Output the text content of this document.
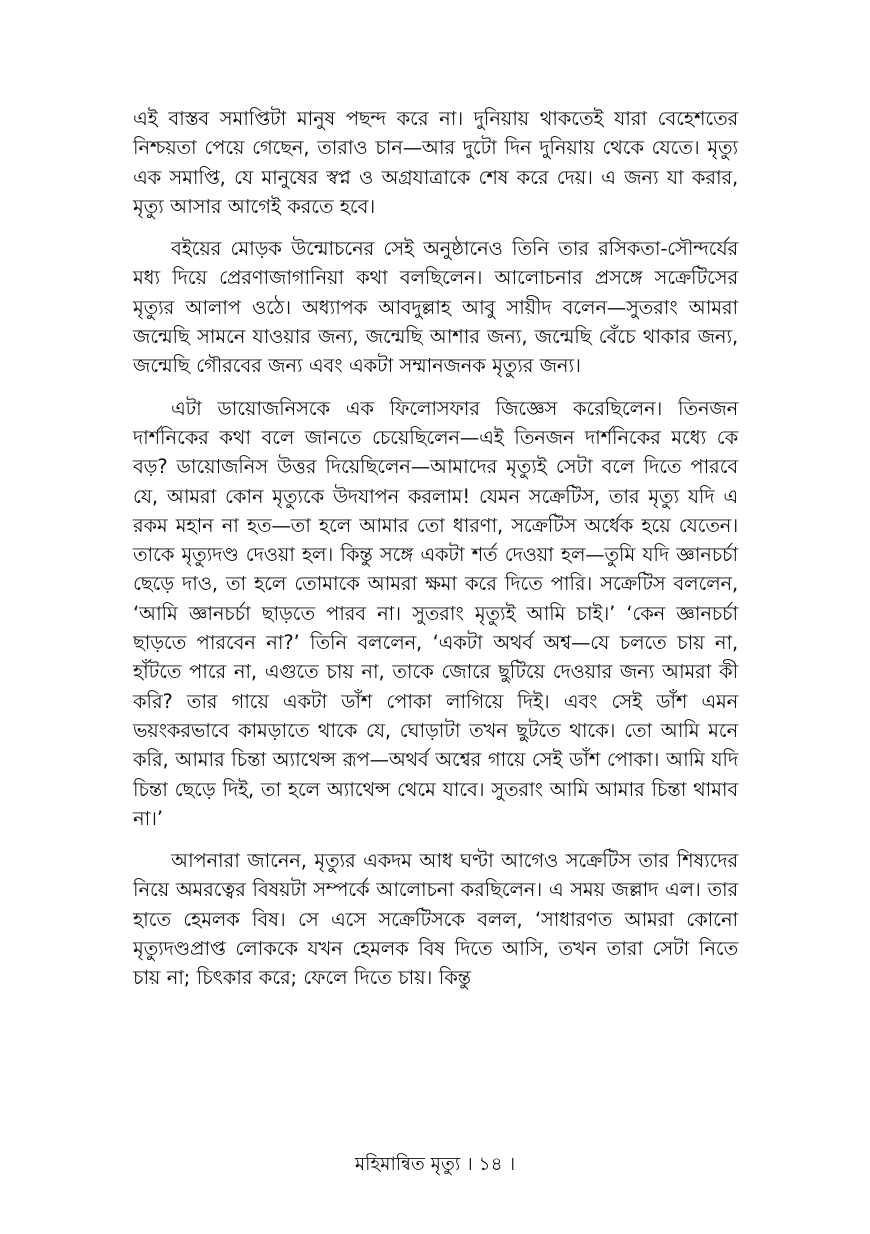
এই বাস্তব সমাপ্তিটা মানুষ পছন্দ করে না। দুনিয়ায় থাকতেই যারা বেহেশতের নিশ্চয়তা পেয়ে গেছেন, তারাও চান—আর দুটো দিন দুনিয়ায় থেকে যেতে। মৃত্যু এক সমাপ্তি, যে মানুষের স্বপ্ন ও অগ্রযাত্রাকে শেষ করে দেয়। এ জন্য যা করার, মৃত্যু আসার আগেই করতে হবে।

বইয়ের মোড়ক উন্মোচনের সেই অনুষ্ঠানেও তিনি তার রসিকতা-সৌন্দর্যের মধ্য দিয়ে প্রেরণাজাগানিয়া কথা বলছিলেন। আলোচনার প্রসঙ্গে সক্রেটিসের মৃত্যুর আলাপ ওঠে। অধ্যাপক আবদুল্লাহ আবু সায়ীদ বলেন—সুতরাং আমরা জন্মেছি সামনে যাওয়ার জন্য, জন্মেছি আশার জন্য, জন্মেছি বেঁচে থাকার জন্য, জন্মেছি গৌরবের জন্য এবং একটা সম্মানজনক মৃত্যুর জন্য।

এটা ডায়োজনিসকে এক ফিলোসফার জিজ্ঞেস করেছিলেন। তিনজন দার্শনিকের কথা বলে জানতে চেয়েছিলেন—এই তিনজন দার্শনিকের মধ্যে কে বড়? ডায়োজনিস উত্তর দিয়েছিলেন—আমাদের মৃত্যুই সেটা বলে দিতে পারবে যে, আমরা কোন মৃত্যুকে উদযাপন করলাম! যেমন সক্রেটিস, তার মৃত্যু যদি এ রকম মহান না হত—তা হলে আমার তো ধারণা, সক্রেটিস অর্ধেক হয়ে যেতেন। তাকে মৃত্যুদণ্ড দেওয়া হল। কিন্তু সঙ্গে একটা শর্ত দেওয়া হল—তুমি যদি জ্ঞানচর্চা ছেড়ে দাও, তা হলে তোমাকে আমরা ক্ষমা করে দিতে পারি। সক্রেটিস বললেন, ‘আমি জ্ঞানচর্চা ছাড়তে পারব না। সুতরাং মৃত্যুই আমি চাই।’ ‘কেন জ্ঞানচর্চা ছাড়তে পারবেন না?’ তিনি বললেন, ‘একটা অথর্ব অশ্ব—যে চলতে চায় না, হাঁটতে পারে না, এগুতে চায় না, তাকে জোরে ছুটিয়ে দেওয়ার জন্য আমরা কী করি? তার গায়ে একটা ডাঁশ পোকা লাগিয়ে দিই। এবং সেই ডাঁশ এমন ভয়ংকরভাবে কামড়াতে থাকে যে, ঘোড়াটা তখন ছুটতে থাকে। তো আমি মনে করি, আমার চিন্তা অ্যাথেন্স রূপ—অথর্ব অশ্বের গায়ে সেই ডাঁশ পোকা। আমি যদি চিন্তা ছেড়ে দিই, তা হলে অ্যাথেন্স থেমে যাবে। সুতরাং আমি আমার চিন্তা থামাব না।’

আপনারা জানেন, মৃত্যুর একদম আধ ঘণ্টা আগেও সক্রেটিস তার শিষ্যদের নিয়ে অমরত্বের বিষয়টা সম্পর্কে আলোচনা করছিলেন। এ সময় জল্লাদ এল। তার হাতে হেমলক বিষ। সে এসে সক্রেটিসকে বলল, ‘সাধারণত আমরা কোনো মৃত্যুদণ্ডপ্রাপ্ত লোককে যখন হেমলক বিষ দিতে আসি, তখন তারা সেটা নিতে চায় না; চিৎকার করে; ফেলে দিতে চায়। কিন্তু

মহিমান্বিত মৃত্যু । ১৪ ।
